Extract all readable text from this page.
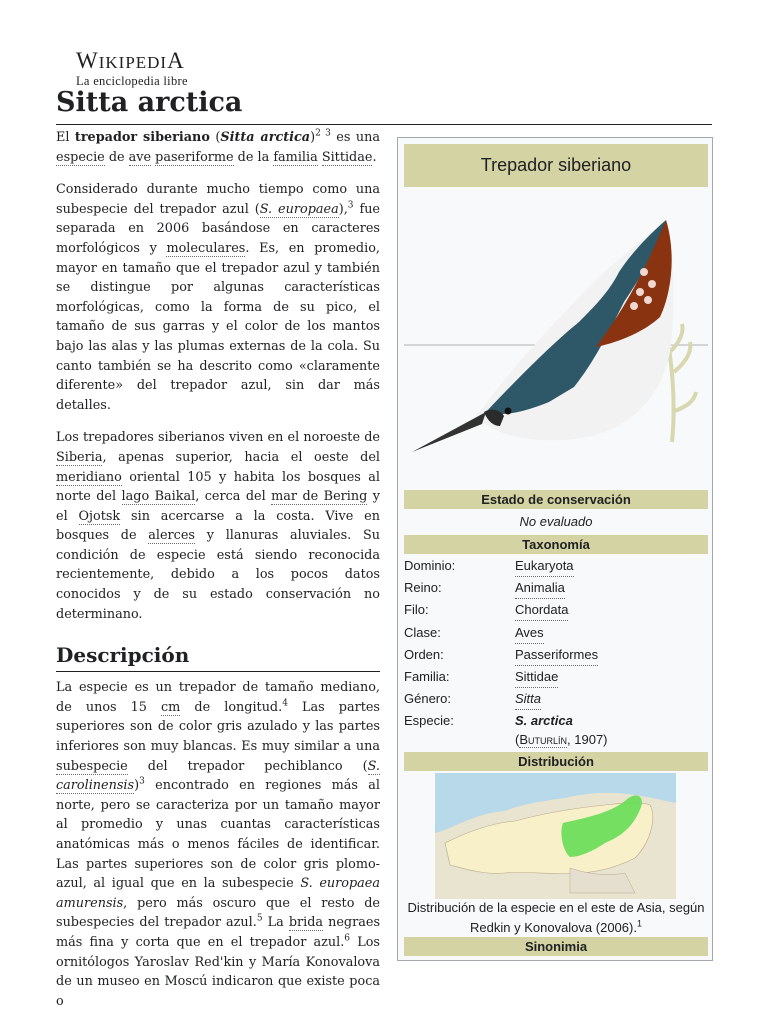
WIKIPEDIA
La enciclopedia libre
Sitta arctica

El trepador siberiano (Sitta arctica)$^{2 3}$ es una especie de ave paseriforme de la familia Sittidae.

Considerado durante mucho tiempo como una subespecie del trepador azul (S. europaea),$^3$ fue separada en 2006 basándose en caracteres morfológicos y moleculares. Es, en promedio, mayor en tamaño que el trepador azul y también se distingue por algunas características morfológicas, como la forma de su pico, el tamaño de sus garras y el color de los mantos bajo las alas y las plumas externas de la cola. Su canto también se ha descrito como «claramente diferente» del trepador azul, sin dar más detalles.

Los trepadores siberianos viven en el noroeste de Siberia, apenas superior, hacia el oeste del meridiano oriental 105 y habita los bosques al norte del lago Baikal, cerca del mar de Bering y el Ojotsk sin acercarse a la costa. Vive en bosques de alerces y llanuras aluviales. Su condición de especie está siendo reconocida recientemente, debido a los pocos datos conocidos y de su estado conservación no determinano.

Descripción

La especie es un trepador de tamaño mediano, de unos 15 cm de longitud.$^4$ Las partes superiores son de color gris azulado y las partes inferiores son muy blancas. Es muy similar a una subespecie del trepador pechiblanco (S. carolinensis)$^3$ encontrado en regiones más al norte, pero se caracteriza por un tamaño mayor al promedio y unas cuantas características anatómicas más o menos fáciles de identificar. Las partes superiores son de color gris plomo-azul, al igual que en la subespecie S. europaea amurensis, pero más oscuro que el resto de subespecies del trepador azul.$^5$ La brida negraes más fina y corta que en el trepador azul.$^6$ Los ornitólogos Yaroslav Red'kin y María Konovalova de un museo en Moscú indicaron que existe poca o

Trepador siberiano
Estado de conservación
No evaluado
Taxonomía
Dominio:	Eukaryota
Reino:	Animalia
Filo:	Chordata
Clase:	Aves
Orden:	Passeriformes
Familia:	Sittidae
Género:	Sitta
Especie:	S. arctica
(Buturlín, 1907)
Distribución
Distribución de la especie en el este de Asia, según Redkin y Konovalova (2006).$^1$
Sinonimia
